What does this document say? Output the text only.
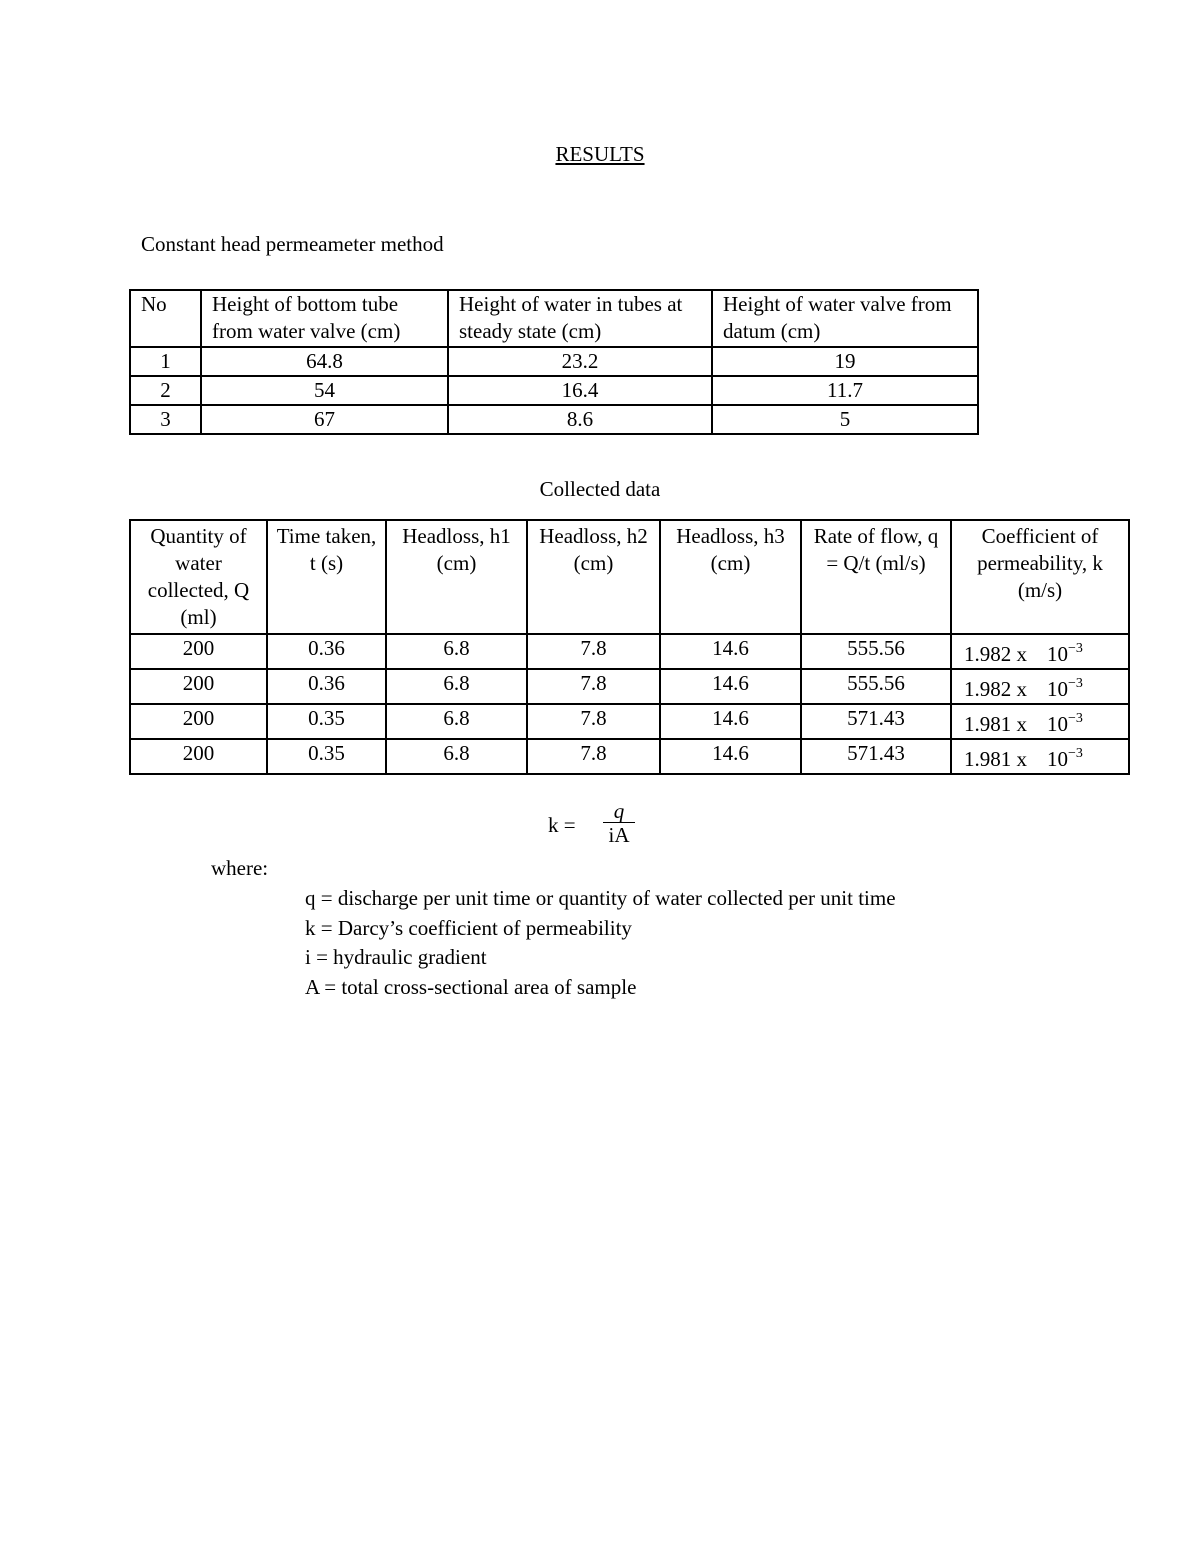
RESULTS
Constant head permeameter method
No	Height of bottom tube from water valve (cm)	Height of water in tubes at steady state (cm)	Height of water valve from datum (cm)
1	64.8	23.2	19
2	54	16.4	11.7
3	67	8.6	5
Collected data
Quantity of water collected, Q (ml)	Time taken, t (s)	Headloss, h1 (cm)	Headloss, h2 (cm)	Headloss, h3 (cm)	Rate of flow, q = Q/t (ml/s)	Coefficient of permeability, k (m/s)
200	0.36	6.8	7.8	14.6	555.56	1.982 x $10^{-3}$
200	0.36	6.8	7.8	14.6	555.56	1.982 x $10^{-3}$
200	0.35	6.8	7.8	14.6	571.43	1.981 x $10^{-3}$
200	0.35	6.8	7.8	14.6	571.43	1.981 x $10^{-3}$
k =
q
iA
where:
q = discharge per unit time or quantity of water collected per unit time
k = Darcy’s coefficient of permeability
i = hydraulic gradient
A = total cross-sectional area of sample
